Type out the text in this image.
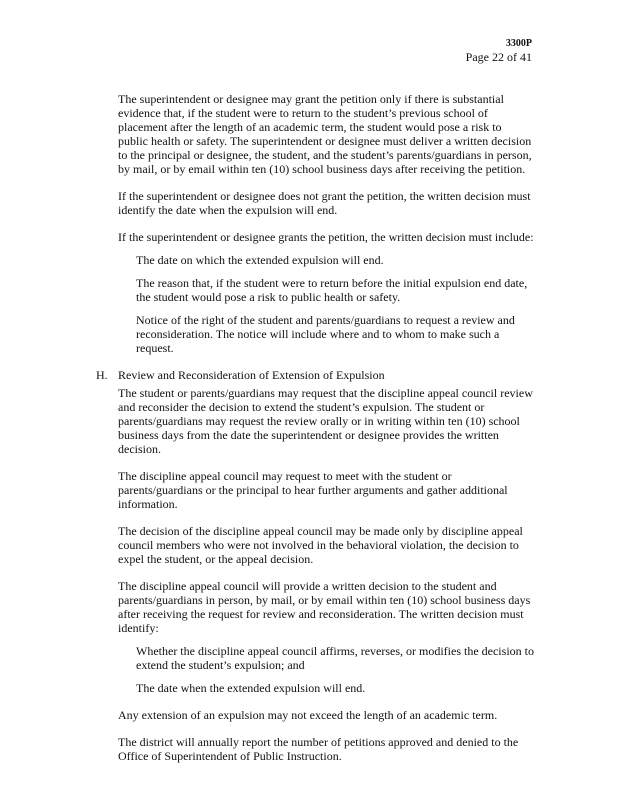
3300P
Page 22 of 41

The superintendent or designee may grant the petition only if there is substantial evidence that, if the student were to return to the student’s previous school of placement after the length of an academic term, the student would pose a risk to public health or safety. The superintendent or designee must deliver a written decision to the principal or designee, the student, and the student’s parents/guardians in person, by mail, or by email within ten (10) school business days after receiving the petition.

If the superintendent or designee does not grant the petition, the written decision must identify the date when the expulsion will end.

If the superintendent or designee grants the petition, the written decision must include:

The date on which the extended expulsion will end.
The reason that, if the student were to return before the initial expulsion end date, the student would pose a risk to public health or safety.
Notice of the right of the student and parents/guardians to request a review and reconsideration. The notice will include where and to whom to make such a request.
H. Review and Reconsideration of Extension of Expulsion

The student or parents/guardians may request that the discipline appeal council review and reconsider the decision to extend the student’s expulsion. The student or parents/guardians may request the review orally or in writing within ten (10) school business days from the date the superintendent or designee provides the written decision.

The discipline appeal council may request to meet with the student or parents/guardians or the principal to hear further arguments and gather additional information.

The decision of the discipline appeal council may be made only by discipline appeal council members who were not involved in the behavioral violation, the decision to expel the student, or the appeal decision.

The discipline appeal council will provide a written decision to the student and parents/guardians in person, by mail, or by email within ten (10) school business days after receiving the request for review and reconsideration. The written decision must identify:

Whether the discipline appeal council affirms, reverses, or modifies the decision to extend the student’s expulsion; and
The date when the extended expulsion will end.

Any extension of an expulsion may not exceed the length of an academic term.

The district will annually report the number of petitions approved and denied to the Office of Superintendent of Public Instruction.
